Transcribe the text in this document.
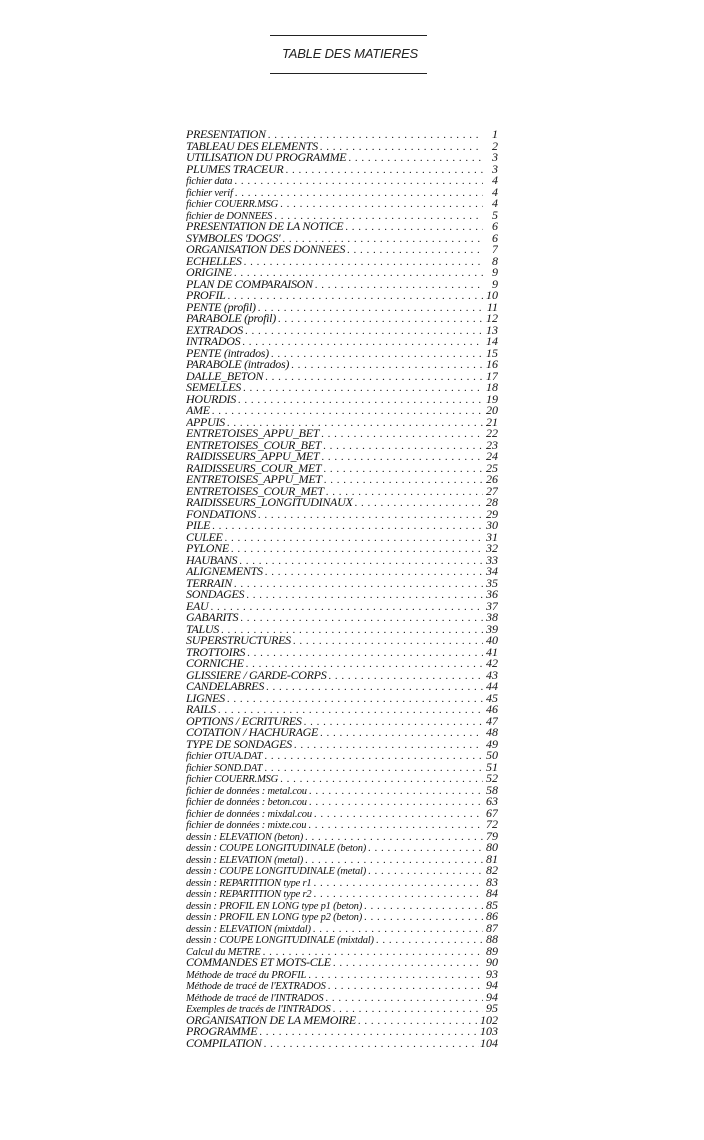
TABLE DES MATIERES
PRESENTATION . . .	1
TABLEAU DES ELEMENTS . . .	2
UTILISATION DU PROGRAMME . . .	3
PLUMES TRACEUR . . .	3
fichier data . . .	4
fichier verif . . .	4
fichier COUERR.MSG . . .	4
fichier de DONNEES . . .	5
PRESENTATION DE LA NOTICE . . .	6
SYMBOLES 'DOGS' . . .	6
ORGANISATION DES DONNEES . . .	7
ECHELLES . . .	8
ORIGINE . . .	9
PLAN DE COMPARAISON . . .	9
PROFIL . . .	10
PENTE (profil) . . .	11
PARABOLE (profil) . . .	12
EXTRADOS . . .	13
INTRADOS . . .	14
PENTE (intrados) . . .	15
PARABOLE (intrados) . . .	16
DALLE_BETON . . .	17
SEMELLES . . .	18
HOURDIS . . .	19
AME . . .	20
APPUIS . . .	21
ENTRETOISES_APPU_BET . . .	22
ENTRETOISES_COUR_BET . . .	23
RAIDISSEURS_APPU_MET . . .	24
RAIDISSEURS_COUR_MET . . .	25
ENTRETOISES_APPU_MET . . .	26
ENTRETOISES_COUR_MET . . .	27
RAIDISSEURS_LONGITUDINAUX . . .	28
FONDATIONS . . .	29
PILE . . .	30
CULEE . . .	31
PYLONE . . .	32
HAUBANS . . .	33
ALIGNEMENTS . . .	34
TERRAIN . . .	35
SONDAGES . . .	36
EAU . . .	37
GABARITS . . .	38
TALUS . . .	39
SUPERSTRUCTURES . . .	40
TROTTOIRS . . .	41
CORNICHE . . .	42
GLISSIERE / GARDE-CORPS . . .	43
CANDELABRES . . .	44
LIGNES . . .	45
RAILS . . .	46
OPTIONS / ECRITURES . . .	47
COTATION / HACHURAGE . . .	48
TYPE DE SONDAGES . . .	49
fichier OTUA.DAT . . .	50
fichier SOND.DAT . . .	51
fichier COUERR.MSG . . .	52
fichier de données : metal.cou . . .	58
fichier de données : beton.cou . . .	63
fichier de données : mixdal.cou . . .	67
fichier de données : mixte.cou . . .	72
dessin : ELEVATION (beton) . . .	79
dessin : COUPE LONGITUDINALE (beton) . . .	80
dessin : ELEVATION (metal) . . .	81
dessin : COUPE LONGITUDINALE (metal) . . .	82
dessin : REPARTITION type r1 . . .	83
dessin : REPARTITION type r2 . . .	84
dessin : PROFIL EN LONG type p1 (beton) . . .	85
dessin : PROFIL EN LONG type p2 (beton) . . .	86
dessin : ELEVATION (mixtdal) . . .	87
dessin : COUPE LONGITUDINALE (mixtdal) . . .	88
Calcul du METRE . . .	89
COMMANDES ET MOTS-CLE . . .	90
Méthode de tracé du PROFIL . . .	93
Méthode de tracé de l'EXTRADOS . . .	94
Méthode de tracé de l'INTRADOS . . .	94
Exemples de tracés de l'INTRADOS . . .	95
ORGANISATION DE LA MEMOIRE . . .	102
PROGRAMME . . .	103
COMPILATION . . .	104
